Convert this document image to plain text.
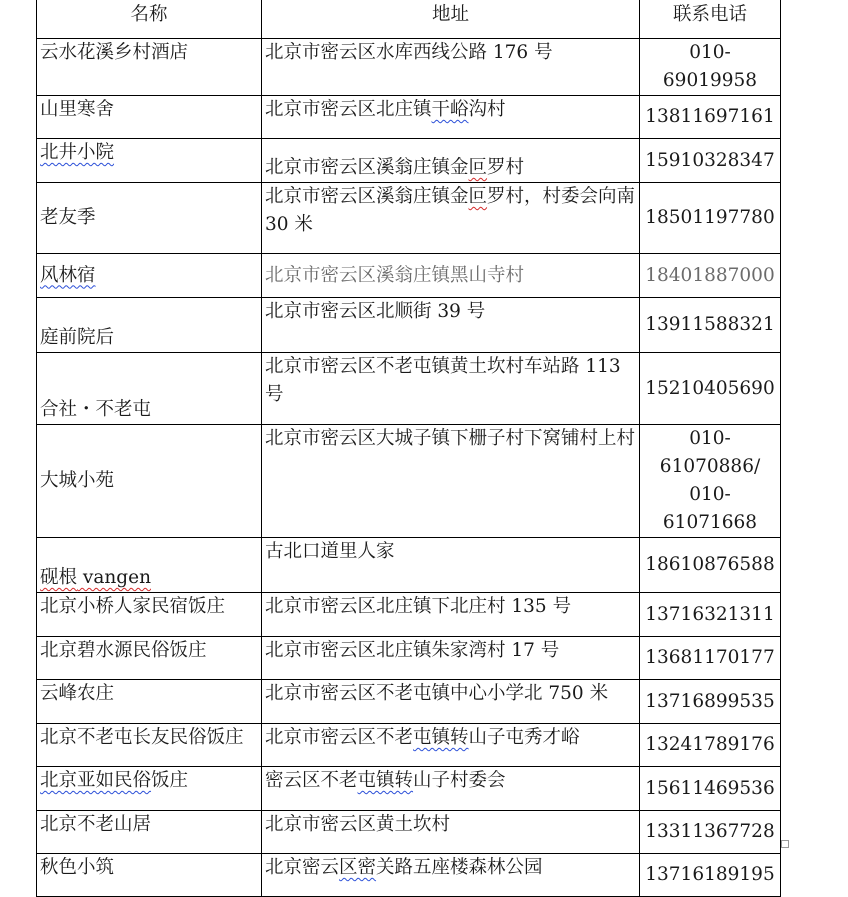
名称	地址	联系电话
云水花溪乡村酒店	北京市密云区水库西线公路 176 号	010-69019958
山里寒舍	北京市密云区北庄镇干峪沟村	13811697161
北井小院	北京市密云区溪翁庄镇金叵罗村	15910328347
老友季	北京市密云区溪翁庄镇金叵罗村，村委会向南 30 米	18501197780
风林宿	北京市密云区溪翁庄镇黑山寺村	18401887000
庭前院后	北京市密云区北顺街 39 号	13911588321
合社・不老屯	北京市密云区不老屯镇黄土坎村车站路 113 号	15210405690
大城小苑	北京市密云区大城子镇下栅子村下窝铺村上村	010-61070886/
010-61071668

砚根 vangen	古北口道里人家	18610876588
北京小桥人家民宿饭庄	北京市密云区北庄镇下北庄村 135 号	13716321311
北京碧水源民俗饭庄	北京市密云区北庄镇朱家湾村 17 号	13681170177
云峰农庄	北京市密云区不老屯镇中心小学北 750 米	13716899535
北京不老屯长友民俗饭庄	北京市密云区不老屯镇转山子屯秀才峪	13241789176
北京亚如民俗饭庄	密云区不老屯镇转山子村委会	15611469536
北京不老山居	北京市密云区黄土坎村	13311367728
秋色小筑	北京密云区密关路五座楼森林公园	13716189195
